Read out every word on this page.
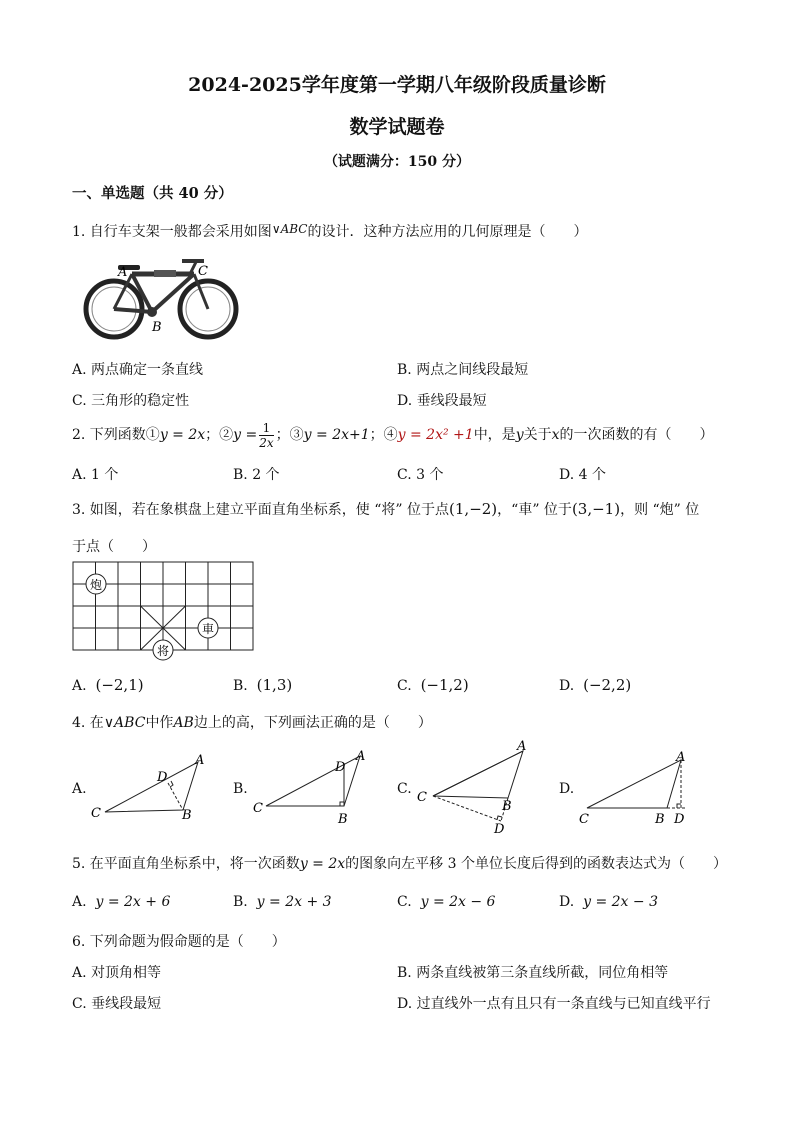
2024-2025学年度第一学期八年级阶段质量诊断
数学试题卷
（试题满分：150 分）
一、单选题（共 40 分）
1. 自行车支架一般都会采用如图∨ABC的设计．这种方法应用的几何原理是（　　）
A	C
B
A. 两点确定一条直线	B. 两点之间线段最短
C. 三角形的稳定性	D. 垂线段最短
2. 下列函数①y = 2x；②y = $\frac{1}{2x}$ ；③y = 2x+1；④y = 2x² +1中，是y关于x的一次函数的有（　　）
A. 1 个	B. 2 个	C. 3 个	D. 4 个
3. 如图，若在象棋盘上建立平面直角坐标系，使 “将” 位于点(1,−2)，“車” 位于(3,−1)，则 “炮” 位
于点（　　）
炮
車
将
A. (−2,1)	B. (1,3)	C. (−1,2)	D. (−2,2)
4. 在∨ABC中作AB边上的高，下列画法正确的是（　　）
A.
C
A
B
D
B.
C
A
B
D
C.
C
A
B
D
D.
C
A
B D
5. 在平面直角坐标系中，将一次函数y = 2x的图象向左平移 3 个单位长度后得到的函数表达式为（　　）
A. y = 2x + 6	B. y = 2x + 3	C. y = 2x − 6	D. y = 2x − 3
6. 下列命题为假命题的是（　　）
A. 对顶角相等	B. 两条直线被第三条直线所截，同位角相等
C. 垂线段最短	D. 过直线外一点有且只有一条直线与已知直线平行
